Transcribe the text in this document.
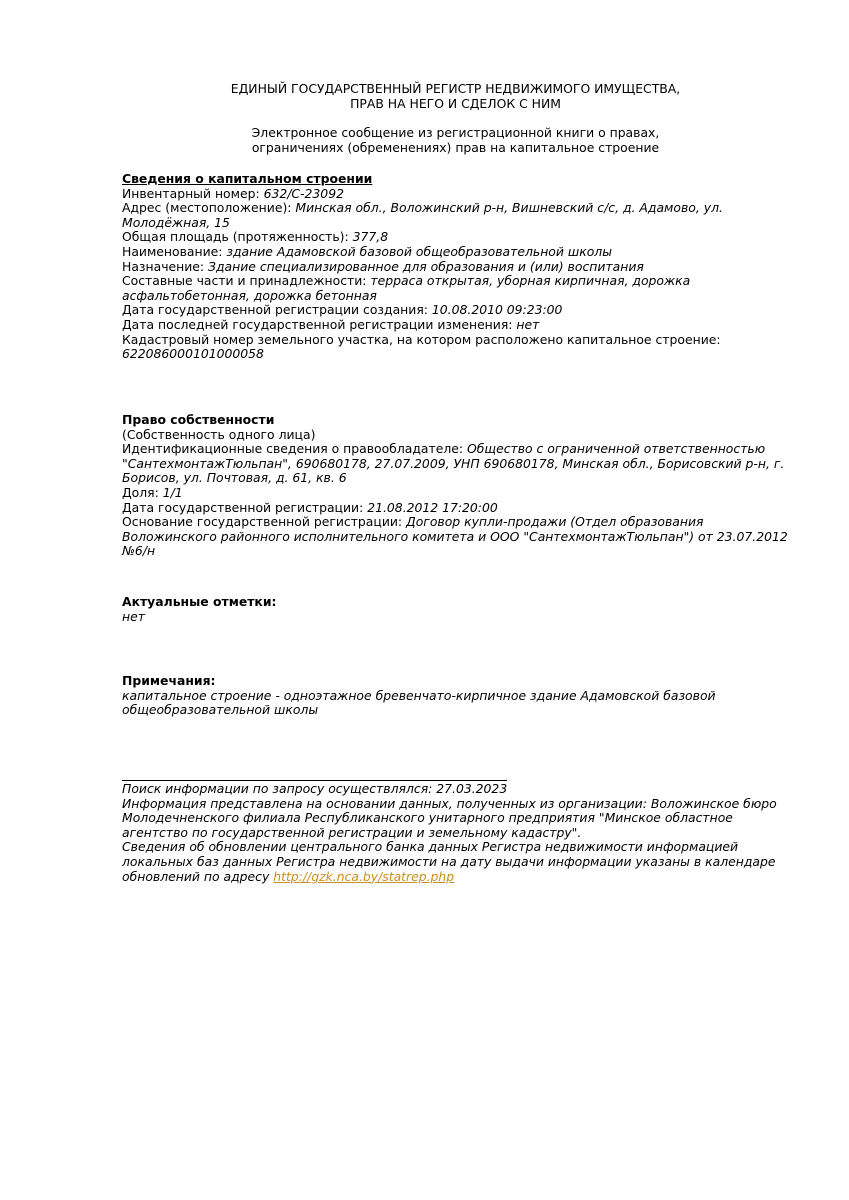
ЕДИНЫЙ ГОСУДАРСТВЕННЫЙ РЕГИСТР НЕДВИЖИМОГО ИМУЩЕСТВА,

ПРАВ НА НЕГО И СДЕЛОК С НИМ

Электронное сообщение из регистрационной книги о правах,

ограничениях (обременениях) прав на капитальное строение

Сведения о капитальном строении

Инвентарный номер: 632/С-23092

Адрес (местоположение): Минская обл., Воложинский р-н, Вишневский с/с, д. Адамово, ул. Молодёжная, 15

Общая площадь (протяженность): 377,8

Наименование: здание Адамовской базовой общеобразовательной школы

Назначение: Здание специализированное для образования и (или) воспитания

Составные части и принадлежности: терраса открытая, уборная кирпичная, дорожка асфальтобетонная, дорожка бетонная

Дата государственной регистрации создания: 10.08.2010 09:23:00

Дата последней государственной регистрации изменения: нет

Кадастровый номер земельного участка, на котором расположено капитальное строение: 622086000101000058

Право собственности

(Собственность одного лица)

Идентификационные сведения о правообладателе: Общество с ограниченной ответственностью "СантехмонтажТюльпан", 690680178, 27.07.2009, УНП 690680178, Минская обл., Борисовский р-н, г. Борисов, ул. Почтовая, д. 61, кв. 6

Доля: 1/1

Дата государственной регистрации: 21.08.2012 17:20:00

Основание государственной регистрации: Договор купли-продажи (Отдел образования Воложинского районного исполнительного комитета и ООО "СантехмонтажТюльпан") от 23.07.2012 №6/н

Актуальные отметки:

нет

Примечания:

капитальное строение - одноэтажное бревенчато-кирпичное здание Адамовской базовой общеобразовательной школы

Поиск информации по запросу осуществлялся: 27.03.2023

Информация представлена на основании данных, полученных из организации: Воложинское бюро Молодечненского филиала Республиканского унитарного предприятия "Минское областное агентство по государственной регистрации и земельному кадастру".

Сведения об обновлении центрального банка данных Регистра недвижимости информацией локальных баз данных Регистра недвижимости на дату выдачи информации указаны в календаре обновлений по адресу http://gzk.nca.by/statrep.php
